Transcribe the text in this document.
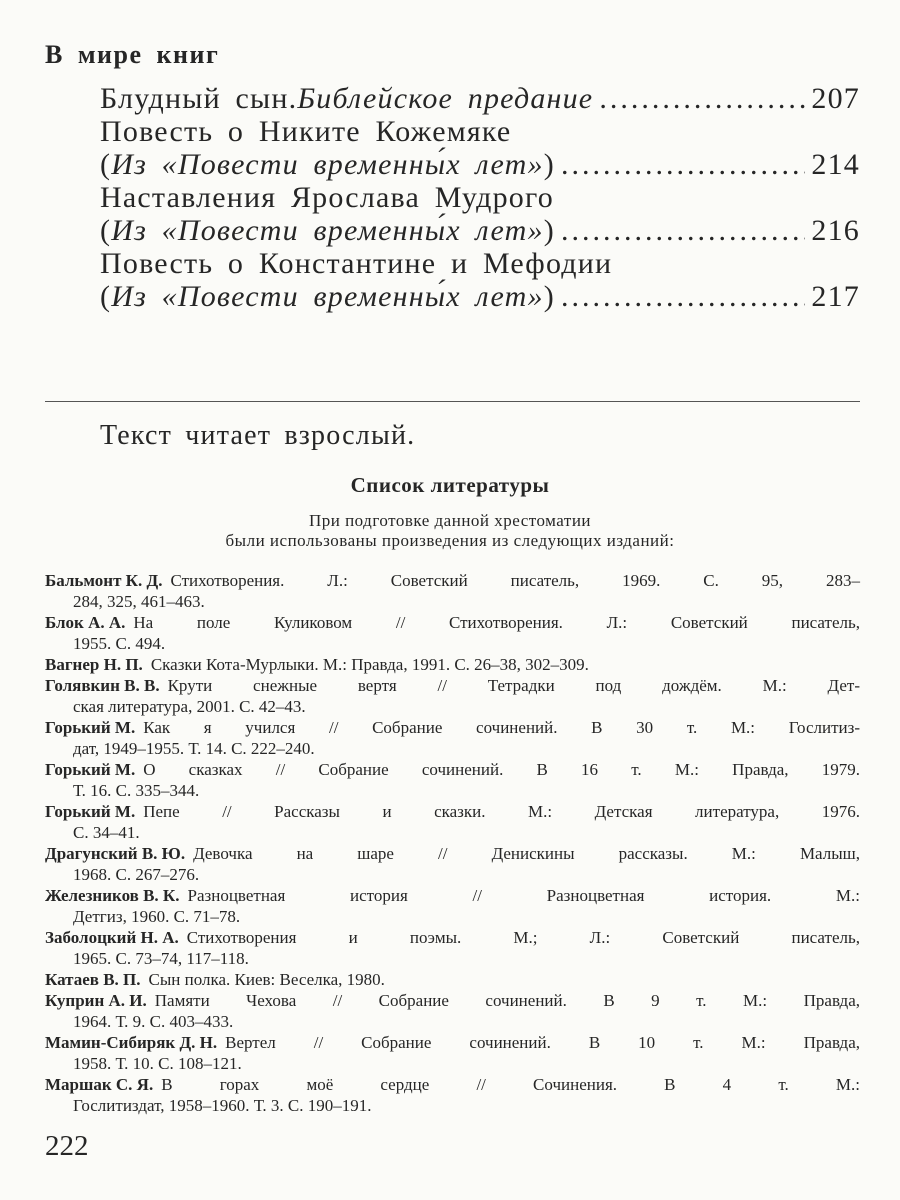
В мире книг
Блудный сын. Библейское предание .....	207
Повесть о Никите Кожемяке
( Из «Повести временны́х лет» ) .....	214
Наставления Ярослава Мудрого
( Из «Повести временны́х лет» ) .....	216
Повесть о Константине и Мефодии
( Из «Повести временны́х лет» ) .....	217
Текст читает взрослый.
Список литературы
При подготовке данной хрестоматии
были использованы произведения из следующих изданий:
Бальмонт К. Д. Стихотворения. Л.: Советский писатель, 1969. С. 95, 283–
284, 325, 461–463.
Блок А. А. На поле Куликовом // Стихотворения. Л.: Советский писатель,
1955. С. 494.
Вагнер Н. П. Сказки Кота-Мурлыки. М.: Правда, 1991. С. 26–38, 302–309.
Голявкин В. В. Крути снежные вертя // Тетрадки под дождём. М.: Дет-
ская литература, 2001. С. 42–43.
Горький М. Как я учился // Собрание сочинений. В 30 т. М.: Гослитиз-
дат, 1949–1955. Т. 14. С. 222–240.
Горький М. О сказках // Собрание сочинений. В 16 т. М.: Правда, 1979.
Т. 16. С. 335–344.
Горький М. Пепе // Рассказы и сказки. М.: Детская литература, 1976.
С. 34–41.
Драгунский В. Ю. Девочка на шаре // Денискины рассказы. М.: Малыш,
1968. С. 267–276.
Железников В. К. Разноцветная история // Разноцветная история. М.:
Детгиз, 1960. С. 71–78.
Заболоцкий Н. А. Стихотворения и поэмы. М.; Л.: Советский писатель,
1965. С. 73–74, 117–118.
Катаев В. П. Сын полка. Киев: Веселка, 1980.
Куприн А. И. Памяти Чехова // Собрание сочинений. В 9 т. М.: Правда,
1964. Т. 9. С. 403–433.
Мамин-Сибиряк Д. Н. Вертел // Собрание сочинений. В 10 т. М.: Правда,
1958. Т. 10. С. 108–121.
Маршак С. Я. В горах моё сердце // Сочинения. В 4 т. М.:
Гослитиздат, 1958–1960. Т. 3. С. 190–191.
222
